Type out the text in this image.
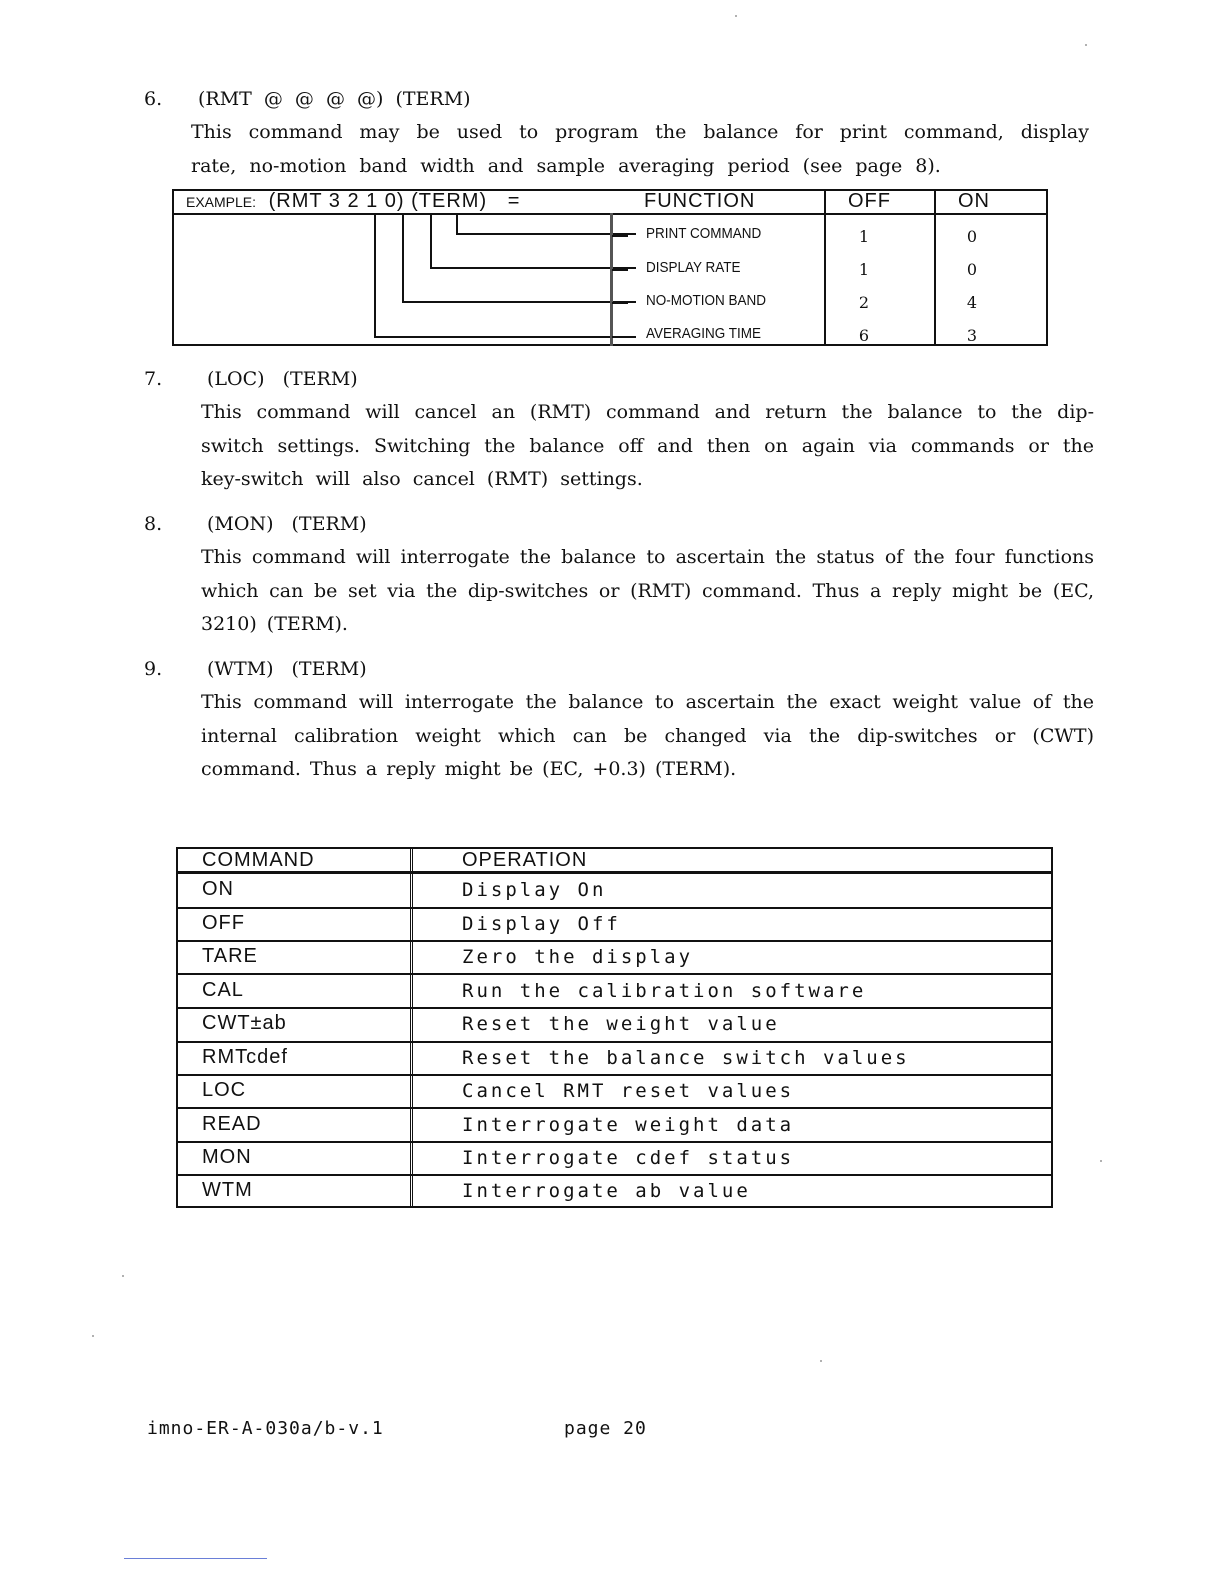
6. (RMT @ @ @ @) (TERM)
This command may be used to program the balance for print command, display rate, no-motion band width and sample averaging period (see page 8).
EXAMPLE: (RMT 3 2 1 0) (TERM) =	FUNCTION	OFF	ON
PRINT COMMAND	1	0
DISPLAY RATE	1	0
NO-MOTION BAND	2	4
AVERAGING TIME	6	3
7. (LOC) (TERM)
This command will cancel an (RMT) command and return the balance to the dip-switch settings. Switching the balance off and then on again via commands or the key-switch will also cancel (RMT) settings.
8. (MON) (TERM)
This command will interrogate the balance to ascertain the status of the four functions which can be set via the dip-switches or (RMT) command. Thus a reply might be (EC, 3210) (TERM).
9. (WTM) (TERM)
This command will interrogate the balance to ascertain the exact weight value of the internal calibration weight which can be changed via the dip-switches or (CWT) command. Thus a reply might be (EC, +0.3) (TERM).
COMMAND	OPERATION
ON	Display On
OFF	Display Off
TARE	Zero the display
CAL	Run the calibration software
CWT±ab	Reset the weight value
RMTcdef	Reset the balance switch values
LOC	Cancel RMT reset values
READ	Interrogate weight data
MON	Interrogate cdef status
WTM	Interrogate ab value
imno-ER-A-030a/b-v.1	page 20
